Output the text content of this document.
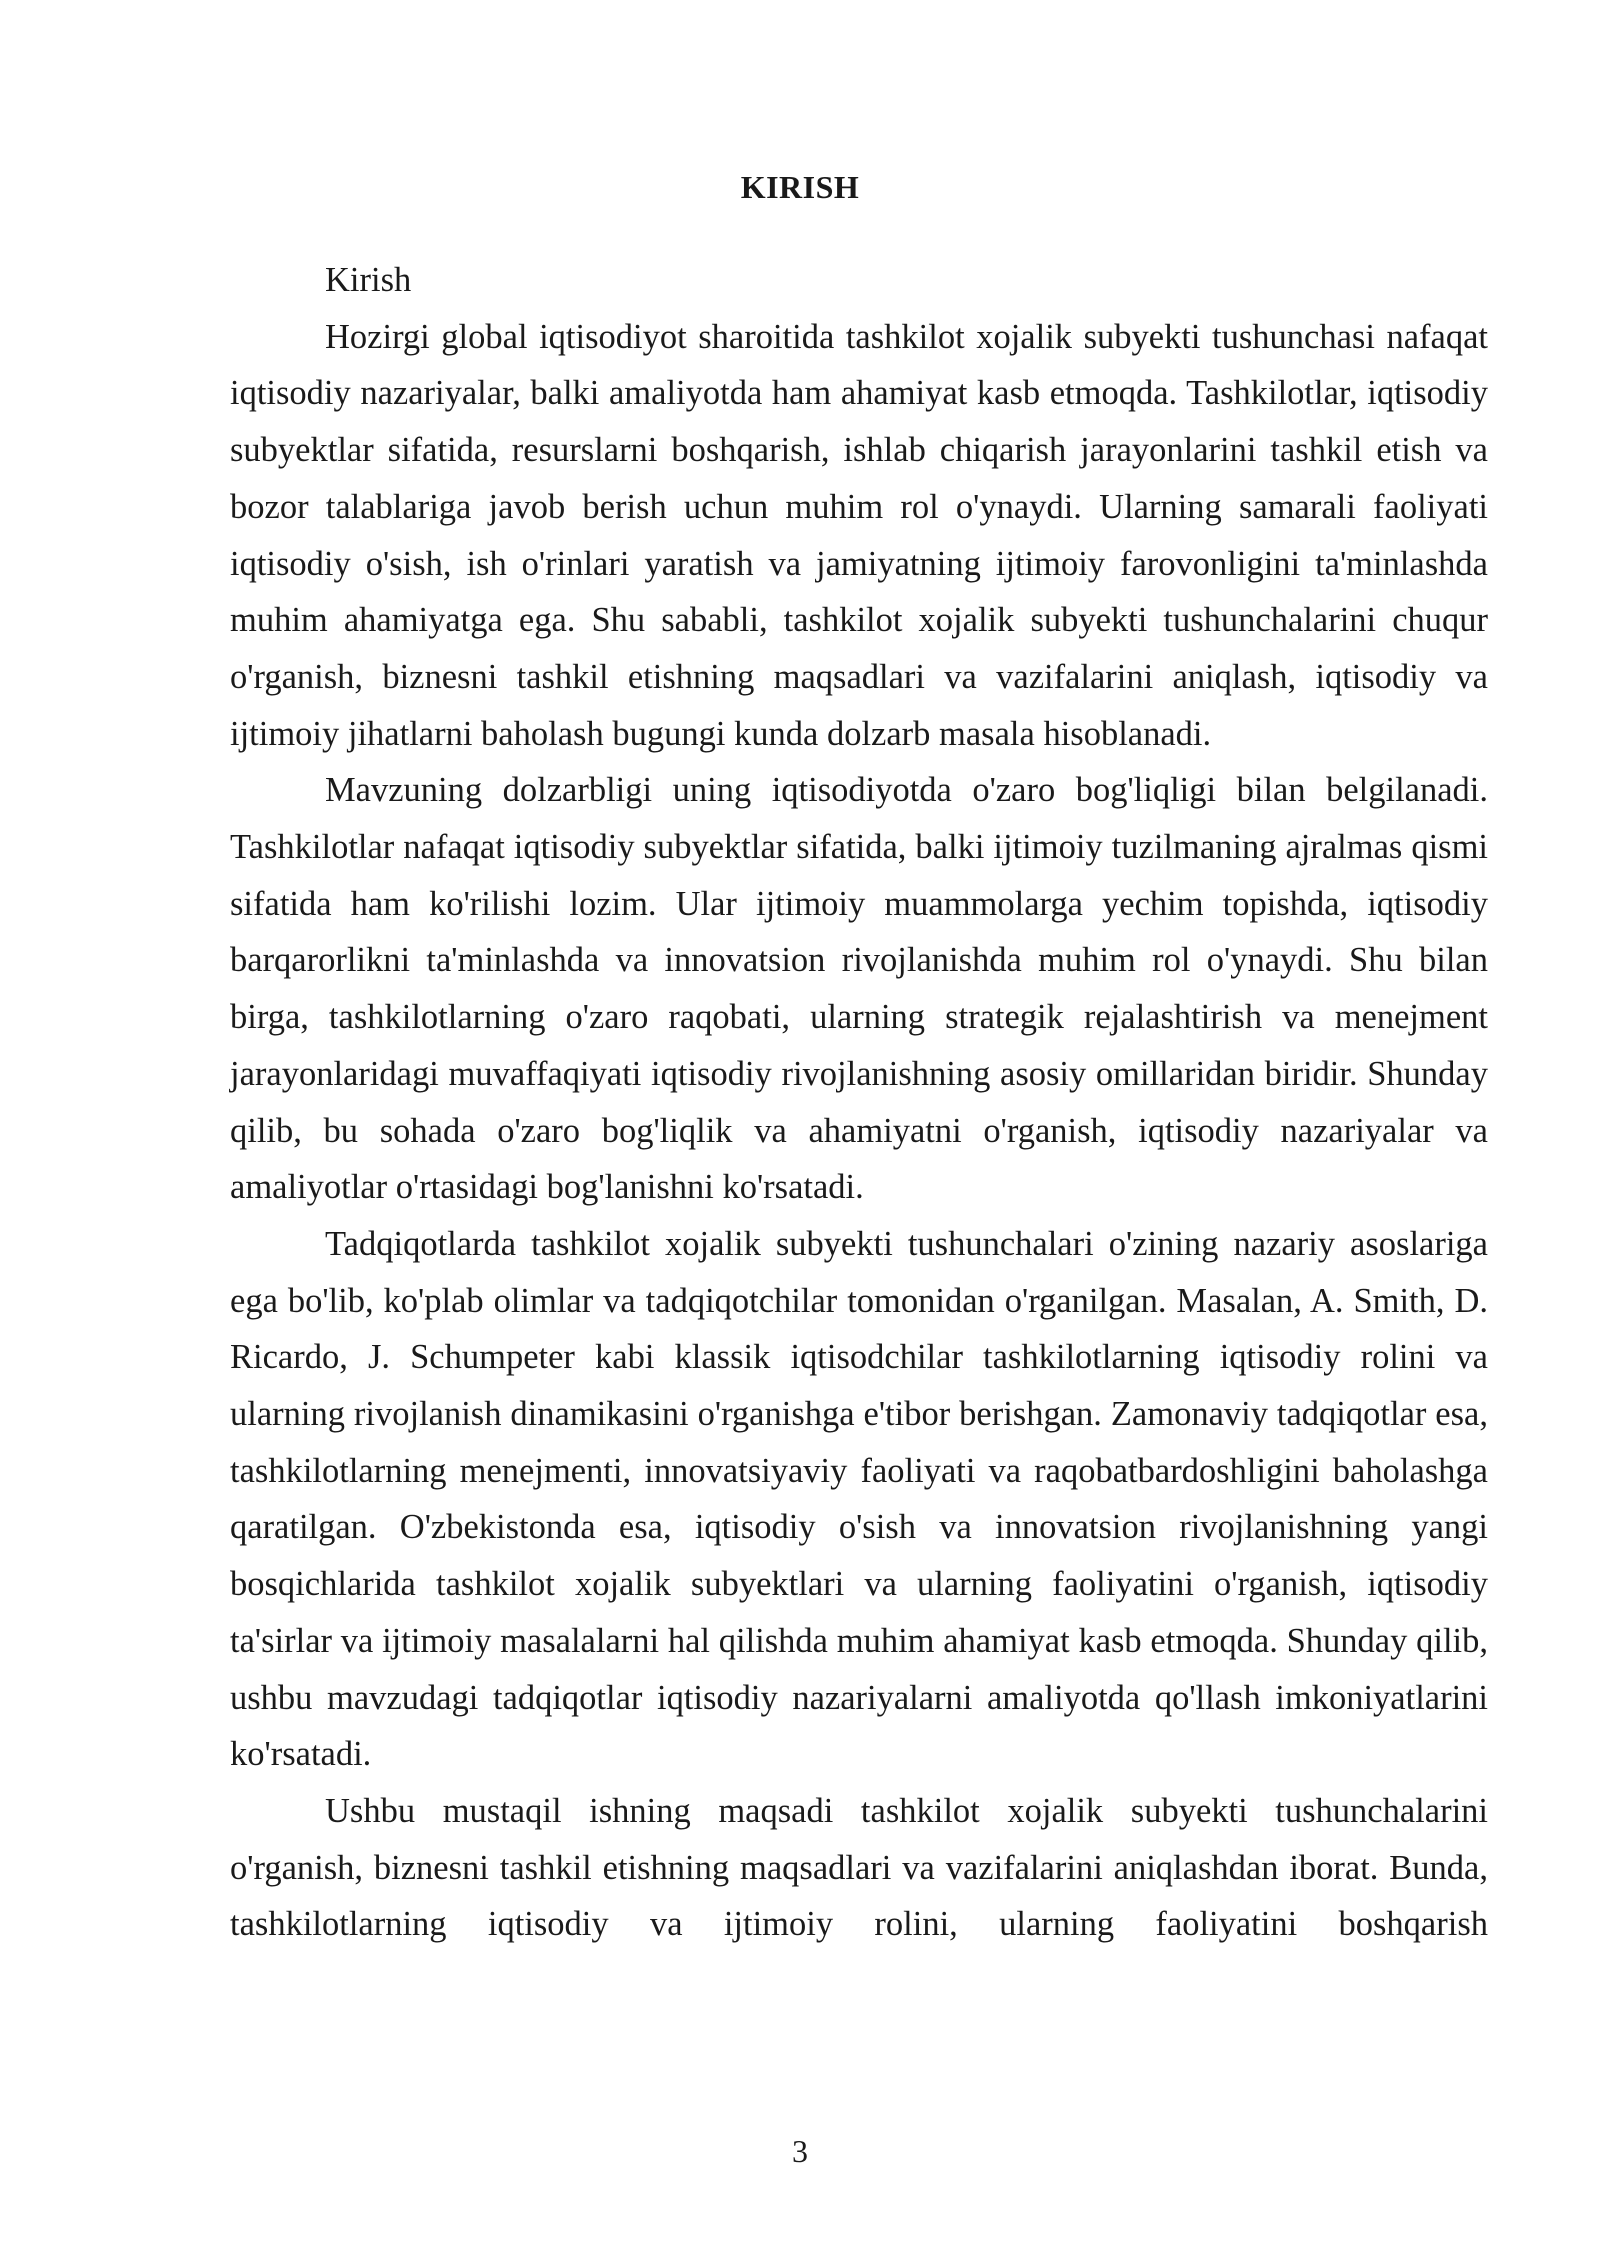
KIRISH

Kirish

Hozirgi global iqtisodiyot sharoitida tashkilot xojalik subyekti tushunchasi nafaqat iqtisodiy nazariyalar, balki amaliyotda ham ahamiyat kasb etmoqda. Tashkilotlar, iqtisodiy subyektlar sifatida, resurslarni boshqarish, ishlab chiqarish jarayonlarini tashkil etish va bozor talablariga javob berish uchun muhim rol o'ynaydi. Ularning samarali faoliyati iqtisodiy o'sish, ish o'rinlari yaratish va jamiyatning ijtimoiy farovonligini ta'minlashda muhim ahamiyatga ega. Shu sababli, tashkilot xojalik subyekti tushunchalarini chuqur o'rganish, biznesni tashkil etishning maqsadlari va vazifalarini aniqlash, iqtisodiy va ijtimoiy jihatlarni baholash bugungi kunda dolzarb masala hisoblanadi.

Mavzuning dolzarbligi uning iqtisodiyotda o'zaro bog'liqligi bilan belgilanadi. Tashkilotlar nafaqat iqtisodiy subyektlar sifatida, balki ijtimoiy tuzilmaning ajralmas qismi sifatida ham ko'rilishi lozim. Ular ijtimoiy muammolarga yechim topishda, iqtisodiy barqarorlikni ta'minlashda va innovatsion rivojlanishda muhim rol o'ynaydi. Shu bilan birga, tashkilotlarning o'zaro raqobati, ularning strategik rejalashtirish va menejment jarayonlaridagi muvaffaqiyati iqtisodiy rivojlanishning asosiy omillaridan biridir. Shunday qilib, bu sohada o'zaro bog'liqlik va ahamiyatni o'rganish, iqtisodiy nazariyalar va amaliyotlar o'rtasidagi bog'lanishni ko'rsatadi.

Tadqiqotlarda tashkilot xojalik subyekti tushunchalari o'zining nazariy asoslariga ega bo'lib, ko'plab olimlar va tadqiqotchilar tomonidan o'rganilgan. Masalan, A. Smith, D. Ricardo, J. Schumpeter kabi klassik iqtisodchilar tashkilotlarning iqtisodiy rolini va ularning rivojlanish dinamikasini o'rganishga e'tibor berishgan. Zamonaviy tadqiqotlar esa, tashkilotlarning menejmenti, innovatsiyaviy faoliyati va raqobatbardoshligini baholashga qaratilgan. O'zbekistonda esa, iqtisodiy o'sish va innovatsion rivojlanishning yangi bosqichlarida tashkilot xojalik subyektlari va ularning faoliyatini o'rganish, iqtisodiy ta'sirlar va ijtimoiy masalalarni hal qilishda muhim ahamiyat kasb etmoqda. Shunday qilib, ushbu mavzudagi tadqiqotlar iqtisodiy nazariyalarni amaliyotda qo'llash imkoniyatlarini ko'rsatadi.

Ushbu mustaqil ishning maqsadi tashkilot xojalik subyekti tushunchalarini o'rganish, biznesni tashkil etishning maqsadlari va vazifalarini aniqlashdan iborat. Bunda, tashkilotlarning iqtisodiy va ijtimoiy rolini, ularning faoliyatini boshqarish

3
